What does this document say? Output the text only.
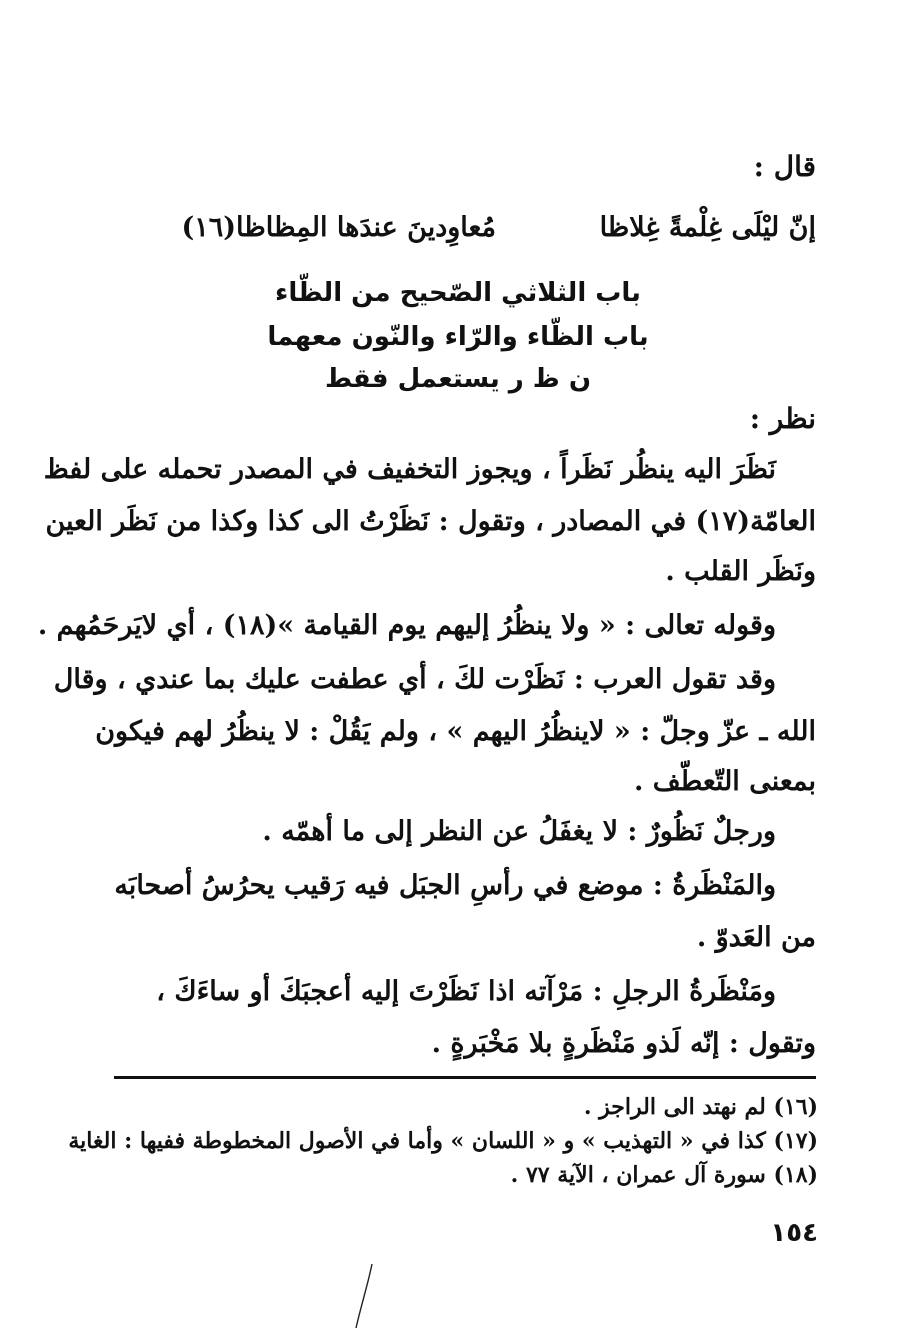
قال :
إنّ ليْلَى غِلْمةً غِلاظا
مُعاوِدينَ عندَها المِظاظا(١٦)
باب الثلاثي الصّحيح من الظّاء
باب الظّاء والرّاء والنّون معهما
ن ظ ر يستعمل فقط
نظر :
نَظَرَ اليه ينظُر نَظَراً ، ويجوز التخفيف في المصدر تحمله على لفظ
العامّة(١٧) في المصادر ، وتقول : نَظَرْتُ الى كذا وكذا من نَظَر العين
ونَظَر القلب .
وقوله تعالى : « ولا ينظُرُ إليهم يوم القيامة »(١٨) ، أي لايَرحَمُهم .
وقد تقول العرب : نَظَرْت لكَ ، أي عطفت عليك بما عندي ، وقال
الله ـ عزّ وجلّ : « لاينظُرُ اليهم » ، ولم يَقُلْ : لا ينظُرُ لهم فيكون
بمعنى التّعطّف .
ورجلٌ نَظُورٌ : لا يغفَلُ عن النظر إلى ما أهمّه .
والمَنْظَرةُ : موضع في رأسِ الجبَل فيه رَقيب يحرُسُ أصحابَه
من العَدوّ .
ومَنْظَرةُ الرجلِ : مَرْآته اذا نَظَرْتَ إليه أعجبَكَ أو ساءَكَ ،
وتقول : إنّه لَذو مَنْظَرةٍ بلا مَخْبَرةٍ .
(١٦) لم نهتد الى الراجز .
(١٧) كذا في « التهذيب » و « اللسان » وأما في الأصول المخطوطة ففيها : الغاية
(١٨) سورة آل عمران ، الآية ٧٧ .
١٥٤
